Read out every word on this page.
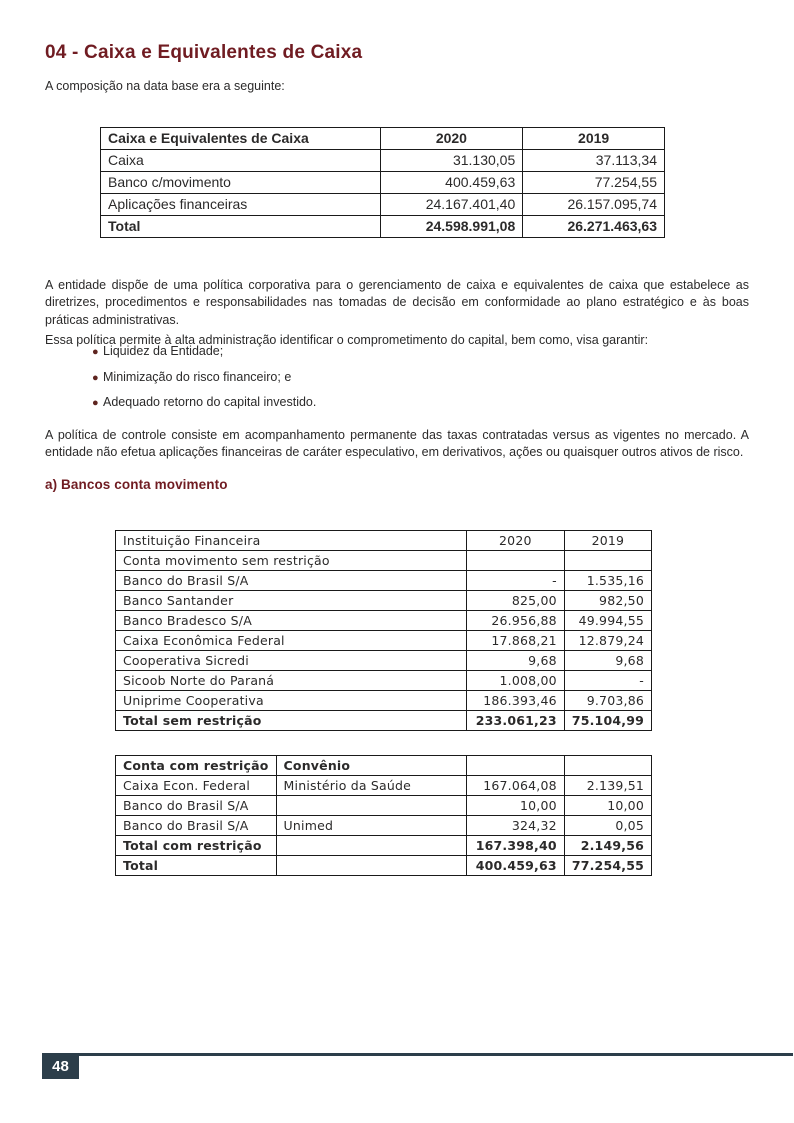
04 - Caixa e Equivalentes de Caixa
A composição na data base era a seguinte:
Caixa e Equivalentes de Caixa	2020	2019
Caixa	31.130,05	37.113,34
Banco c/movimento	400.459,63	77.254,55
Aplicações financeiras	24.167.401,40	26.157.095,74
Total	24.598.991,08	26.271.463,63

A entidade dispõe de uma política corporativa para o gerenciamento de caixa e equivalentes de caixa que estabelece as diretrizes, procedimentos e responsabilidades nas tomadas de decisão em conformidade ao plano estratégico e às boas práticas administrativas.

Essa política permite à alta administração identificar o comprometimento do capital, bem como, visa garantir:

● Liquidez da Entidade;
● Minimização do risco financeiro; e
● Adequado retorno do capital investido.

A política de controle consiste em acompanhamento permanente das taxas contratadas versus as vigentes no mercado. A entidade não efetua aplicações financeiras de caráter especulativo, em derivativos, ações ou quaisquer outros ativos de risco.

a) Bancos conta movimento
Instituição Financeira	2020	2019
Conta movimento sem restrição		
Banco do Brasil S/A	-	1.535,16
Banco Santander	825,00	982,50
Banco Bradesco S/A	26.956,88	49.994,55
Caixa Econômica Federal	17.868,21	12.879,24
Cooperativa Sicredi	9,68	9,68
Sicoob Norte do Paraná	1.008,00	-
Uniprime Cooperativa	186.393,46	9.703,86
Total sem restrição	233.061,23	75.104,99
Conta com restrição	Convênio		
Caixa Econ. Federal	Ministério da Saúde	167.064,08	2.139,51
Banco do Brasil S/A		10,00	10,00
Banco do Brasil S/A	Unimed	324,32	0,05
Total com restrição		167.398,40	2.149,56
Total		400.459,63	77.254,55
48
